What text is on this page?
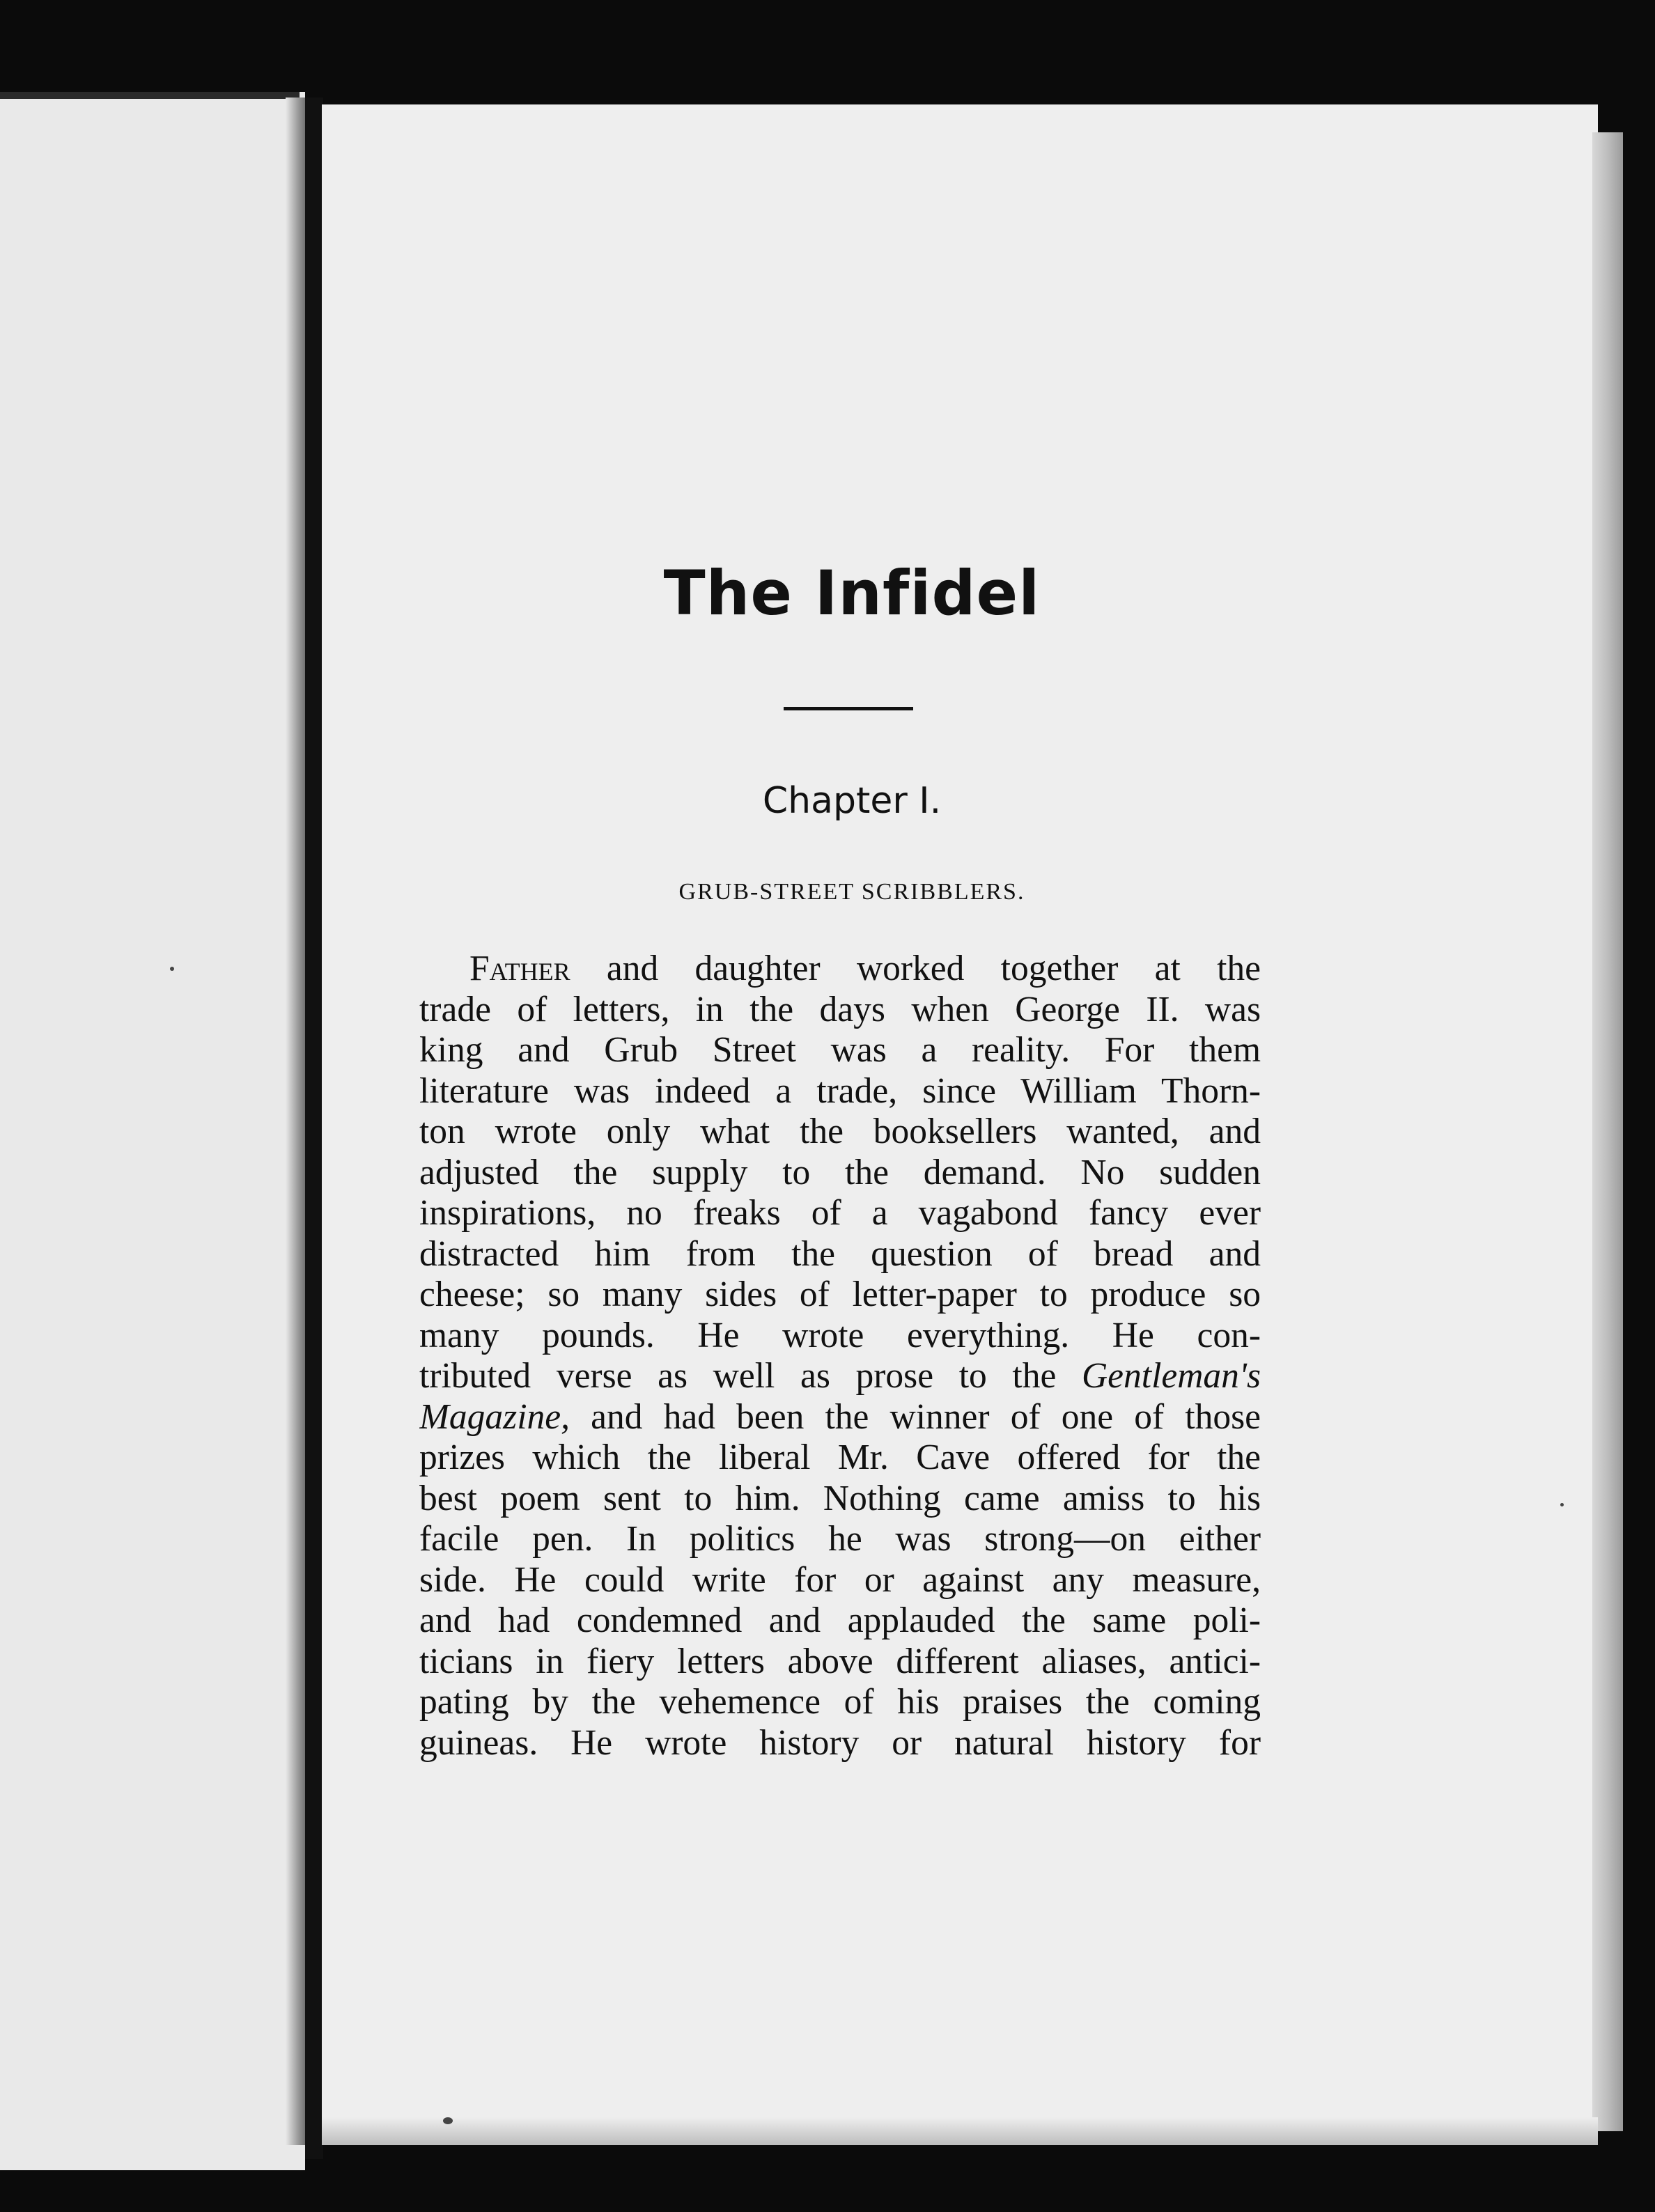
The Infidel
Chapter I.
GRUB-STREET SCRIBBLERS.
Father and daughter worked together at the
trade of letters, in the days when George II. was
king and Grub Street was a reality. For them
literature was indeed a trade, since William Thorn-
ton wrote only what the booksellers wanted, and
adjusted the supply to the demand. No sudden
inspirations, no freaks of a vagabond fancy ever
distracted him from the question of bread and
cheese; so many sides of letter-paper to produce so
many pounds. He wrote everything. He con-
tributed verse as well as prose to the Gentleman's
Magazine, and had been the winner of one of those
prizes which the liberal Mr. Cave offered for the
best poem sent to him. Nothing came amiss to his
facile pen. In politics he was strong—on either
side. He could write for or against any measure,
and had condemned and applauded the same poli-
ticians in fiery letters above different aliases, antici-
pating by the vehemence of his praises the coming
guineas. He wrote history or natural history for
